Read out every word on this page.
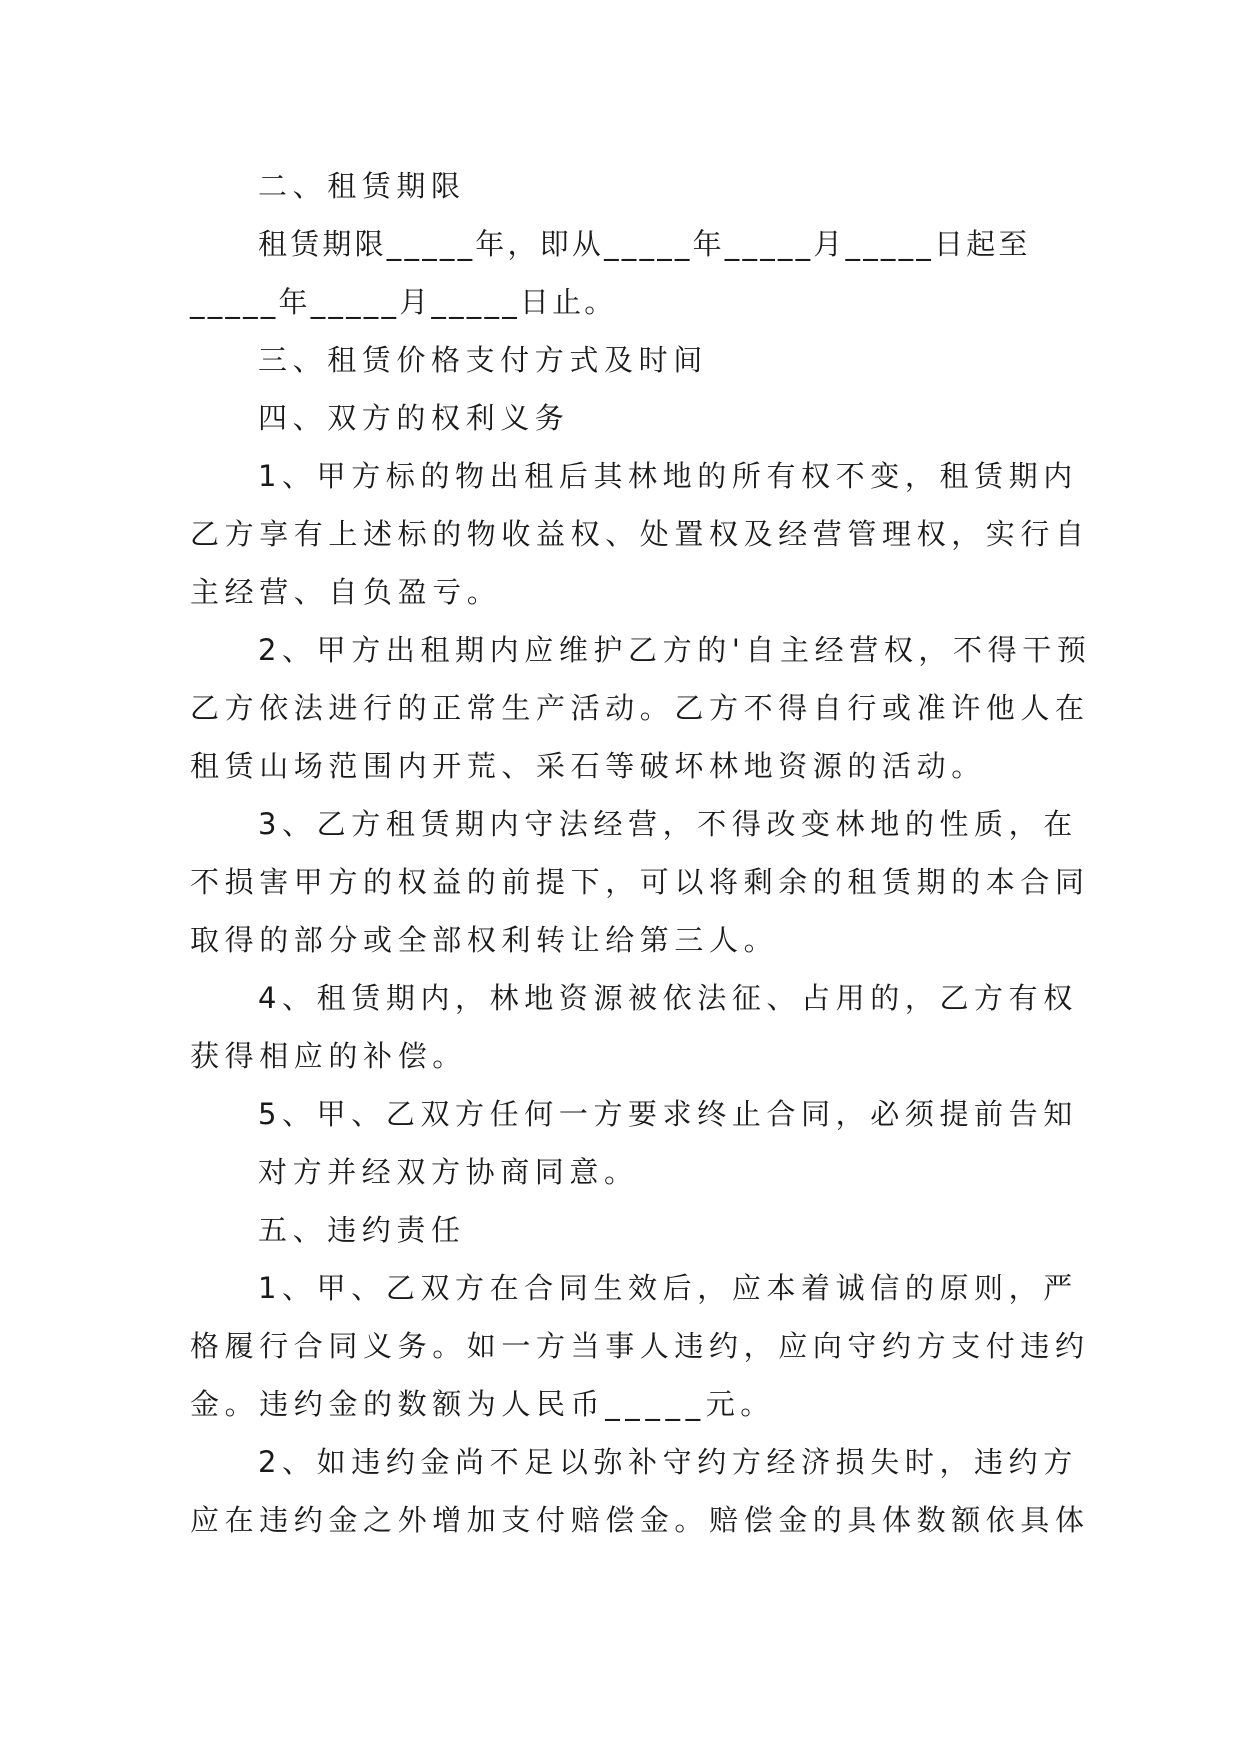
二、租赁期限
租赁期限_____年，即从_____年_____月_____日起至
_____年_____月_____日止。
三、租赁价格支付方式及时间
四、双方的权利义务
1、甲方标的物出租后其林地的所有权不变，租赁期内
乙方享有上述标的物收益权、处置权及经营管理权，实行自
主经营、自负盈亏。
2、甲方出租期内应维护乙方的'自主经营权，不得干预
乙方依法进行的正常生产活动。乙方不得自行或准许他人在
租赁山场范围内开荒、采石等破坏林地资源的活动。
3、乙方租赁期内守法经营，不得改变林地的性质，在
不损害甲方的权益的前提下，可以将剩余的租赁期的本合同
取得的部分或全部权利转让给第三人。
4、租赁期内，林地资源被依法征、占用的，乙方有权
获得相应的补偿。
5、甲、乙双方任何一方要求终止合同，必须提前告知
对方并经双方协商同意。
五、违约责任
1、甲、乙双方在合同生效后，应本着诚信的原则，严
格履行合同义务。如一方当事人违约，应向守约方支付违约
金。违约金的数额为人民币_____元。
2、如违约金尚不足以弥补守约方经济损失时，违约方
应在违约金之外增加支付赔偿金。赔偿金的具体数额依具体
